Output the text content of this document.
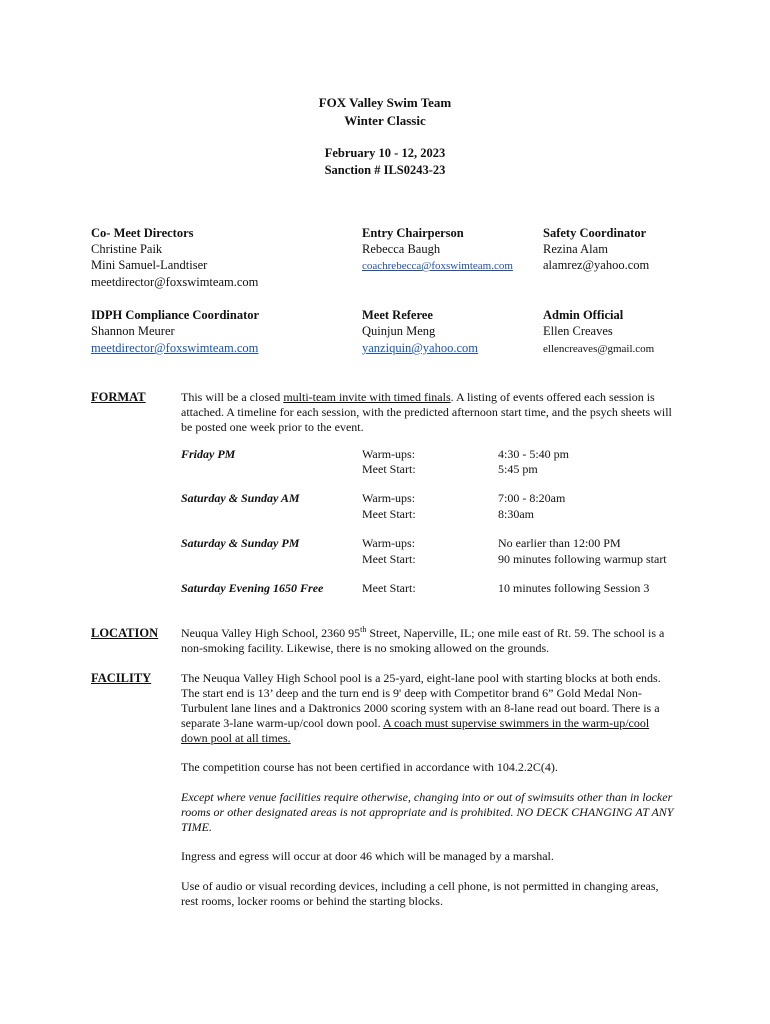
FOX Valley Swim Team
Winter Classic
February 10 - 12, 2023
Sanction # ILS0243-23
Co- Meet Directors
Christine Paik
Mini Samuel-Landtiser
meetdirector@foxswimteam.com
Entry Chairperson
Rebecca Baugh
coachrebecca@foxswimteam.com
Safety Coordinator
Rezina Alam
alamrez@yahoo.com
IDPH Compliance Coordinator
Shannon Meurer
meetdirector@foxswimteam.com
Meet Referee
Quinjun Meng
yanziquin@yahoo.com
Admin Official
Ellen Creaves
ellencreaves@gmail.com
FORMAT	This will be a closed multi-team invite with timed finals. A listing of events offered each session is attached. A timeline for each session, with the predicted afternoon start time, and the psych sheets will be posted one week prior to the event.
Friday PM	Warm-ups:	4:30 - 5:40 pm
Meet Start:	5:45 pm
Saturday & Sunday AM	Warm-ups:	7:00 - 8:20am
Meet Start:	8:30am
Saturday & Sunday PM	Warm-ups:	No earlier than 12:00 PM
Meet Start:	90 minutes following warmup start
Saturday Evening 1650 Free	Meet Start:	10 minutes following Session 3
LOCATION Neuqua Valley High School, 2360 95th Street, Naperville, IL; one mile east of Rt. 59. The school is a non-smoking facility. Likewise, there is no smoking allowed on the grounds.
FACILITY The Neuqua Valley High School pool is a 25-yard, eight-lane pool with starting blocks at both ends. The start end is 13’ deep and the turn end is 9' deep with Competitor brand 6” Gold Medal Non-Turbulent lane lines and a Daktronics 2000 scoring system with an 8-lane read out board. There is a separate 3-lane warm-up/cool down pool. A coach must supervise swimmers in the warm-up/cool down pool at all times.
The competition course has not been certified in accordance with 104.2.2C(4).
Except where venue facilities require otherwise, changing into or out of swimsuits other than in locker rooms or other designated areas is not appropriate and is prohibited. NO DECK CHANGING AT ANY TIME.
Ingress and egress will occur at door 46 which will be managed by a marshal.
Use of audio or visual recording devices, including a cell phone, is not permitted in changing areas, rest rooms, locker rooms or behind the starting blocks.
